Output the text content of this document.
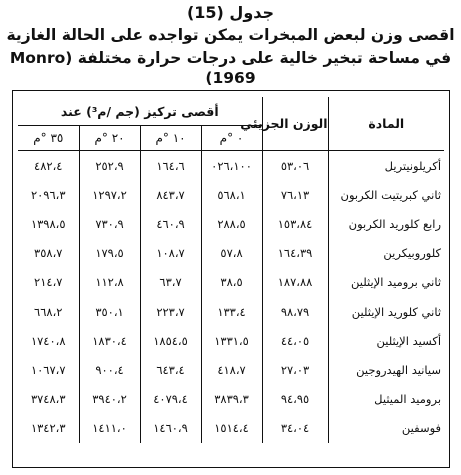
جدول (15)
اقصى وزن لبعض المبخرات يمكن تواجده على الحالة الغازية
في مساحة تبخير خالية على درجات حرارة مختلفة (Monro 1969)
المادة	الوزن الجزيئي	أقصى تركيز (جم /م³) عند			
		٠ °م	١٠ °م	٢٠ °م	٣٥ °م
أكريلونيتريل	٥٣،٠٦	٠٢٦،١٠٠	١٦٤،٦	٢٥٢،٩	٤٨٢،٤
ثاني كبريتيت الكربون	٧٦،١٣	٥٦٨،١	٨٤٣،٧	١٢٩٧،٢	٢٠٩٦،٣
رابع كلوريد الكربون	١٥٣،٨٤	٢٨٨،٥	٤٦٠،٩	٧٣٠،٩	١٣٩٨،٥
كلوروبيكرين	١٦٤،٣٩	٥٧،٨	١٠٨،٧	١٧٩،٥	٣٥٨،٧
ثاني بروميد الإيثلين	١٨٧،٨٨	٣٨،٥	٦٣،٧	١١٢،٨	٢١٤،٧
ثاني كلوريد الإيثلين	٩٨،٧٩	١٣٣،٤	٢٢٣،٧	٣٥٠،١	٦٦٨،٢
أكسيد الإيثلين	٤٤،٠٥	١٣٣١،٥	١٨٥٤،٥	١٨٣٠،٤	١٧٤٠،٨
سيانيد الهيدروجين	٢٧،٠٣	٤١٨،٧	٦٤٣،٤	٩٠٠،٤	١٠٦٧،٧
بروميد الميثيل	٩٤،٩٥	٣٨٣٩،٣	٤٠٧٩،٤	٣٩٤٠،٢	٣٧٤٨،٣
فوسفين	٣٤،٠٤	١٥١٤،٤	١٤٦٠،٩	١٤١١،٠	١٣٤٢،٣
